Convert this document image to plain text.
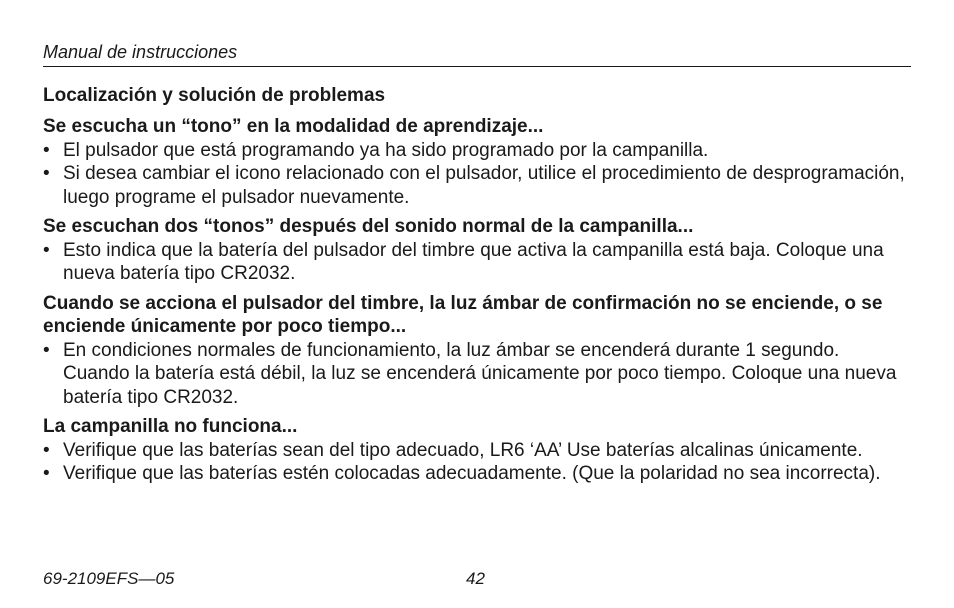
Manual de instrucciones
Localización y solución de problemas
Se escucha un “tono” en la modalidad de aprendizaje...
• El pulsador que está programando ya ha sido programado por la campanilla.
• Si desea cambiar el icono relacionado con el pulsador, utilice el procedimiento de desprogramación, luego programe el pulsador nuevamente.
Se escuchan dos “tonos” después del sonido normal de la campanilla...
• Esto indica que la batería del pulsador del timbre que activa la campanilla está baja. Coloque una nueva batería tipo CR2032.
Cuando se acciona el pulsador del timbre, la luz ámbar de confirmación no se enciende, o se enciende únicamente por poco tiempo...
• En condiciones normales de funcionamiento, la luz ámbar se encenderá durante 1 segundo. Cuando la batería está débil, la luz se encenderá únicamente por poco tiempo. Coloque una nueva batería tipo CR2032.
La campanilla no funciona...
• Verifique que las baterías sean del tipo adecuado, LR6 ‘AA’ Use baterías alcalinas únicamente.
• Verifique que las baterías estén colocadas adecuadamente. (Que la polaridad no sea incorrecta).
69-2109EFS—05	42
